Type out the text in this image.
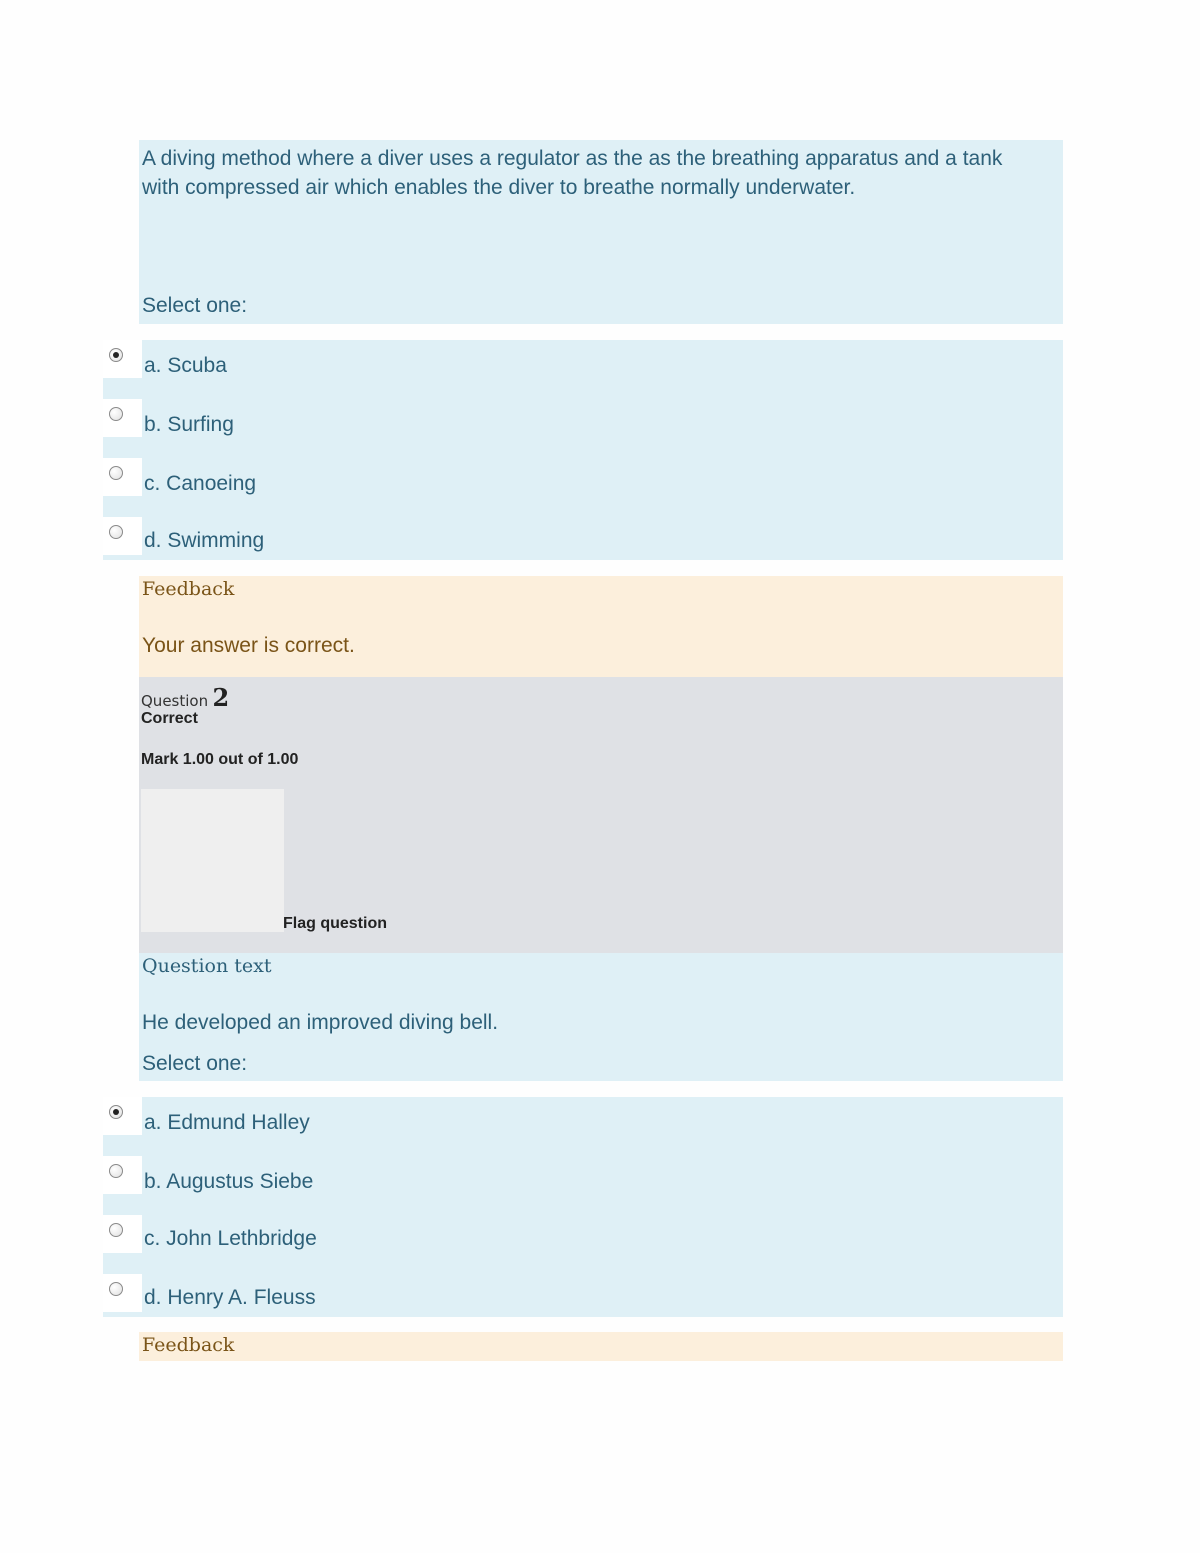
A diving method where a diver uses a regulator as the as the breathing apparatus and a tank with compressed air which enables the diver to breathe normally underwater.
Select one:
a. Scuba
b. Surfing
c. Canoeing
d. Swimming
Feedback
Your answer is correct.
Question 2
Correct
Mark 1.00 out of 1.00
Flag question
Question text
He developed an improved diving bell.
Select one:
a. Edmund Halley
b. Augustus Siebe
c. John Lethbridge
d. Henry A. Fleuss
Feedback
